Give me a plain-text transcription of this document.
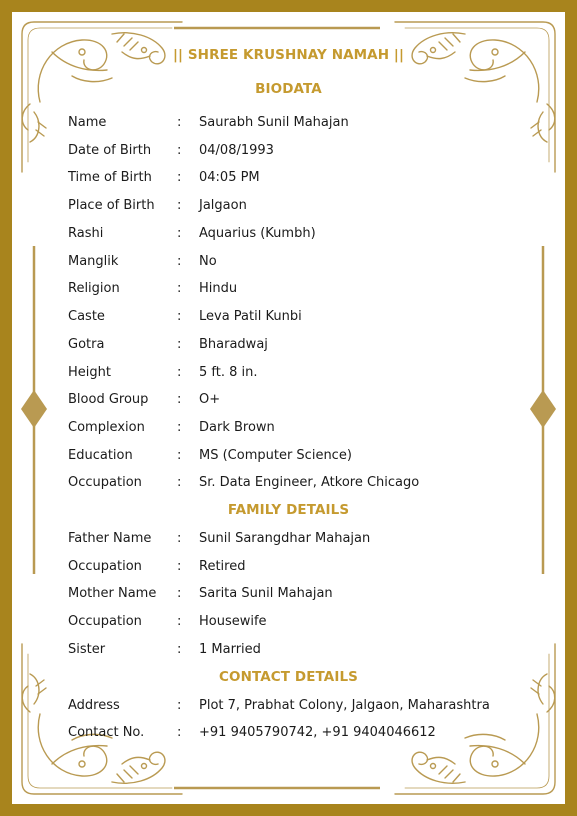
|| SHREE KRUSHNAY NAMAH ||
BIODATA
Name	: Saurabh Sunil Mahajan
Date of Birth : 04/08/1993
Time of Birth : 04:05 PM
Place of Birth : Jalgaon
Rashi	: Aquarius (Kumbh)
Manglik	: No
Religion	: Hindu
Caste	: Leva Patil Kunbi
Gotra	: Bharadwaj
Height	: 5 ft. 8 in.
Blood Group : O+
Complexion : Dark Brown
Education	: MS (Computer Science)
Occupation	: Sr. Data Engineer, Atkore Chicago
FAMILY DETAILS
Father Name : Sunil Sarangdhar Mahajan
Occupation	: Retired
Mother Name : Sarita Sunil Mahajan
Occupation	: Housewife
Sister	: 1 Married
CONTACT DETAILS
Address	: Plot 7, Prabhat Colony, Jalgaon, Maharashtra
Contact No.	: +91 9405790742, +91 9404046612
